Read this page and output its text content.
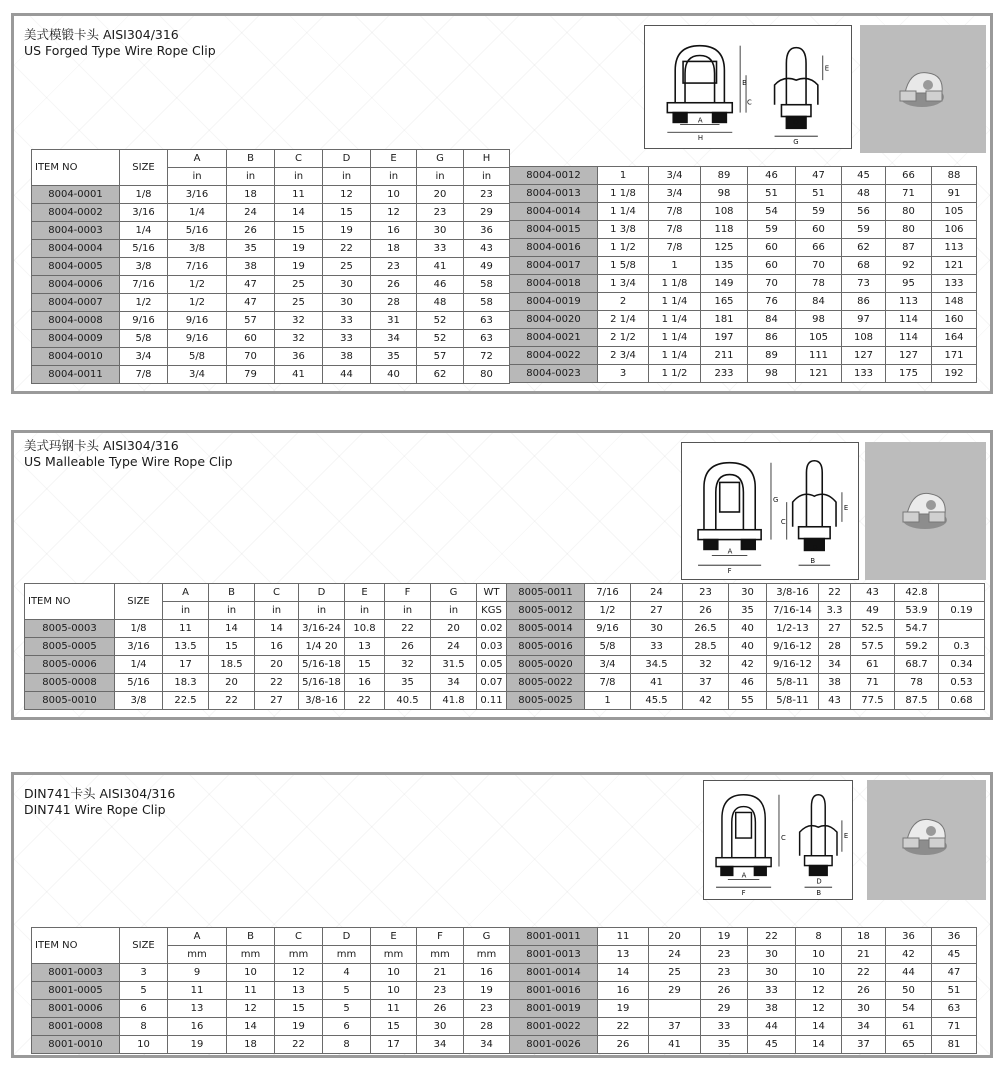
美式模锻卡头 AISI304/316
US Forged Type Wire Rope Clip
A
B
C
D
E
G
H
ITEM NO	SIZE	A	B	C	D	E	G	H
		in	in	in	in	in	in	in
8004-0001	1/8	3/16	18	11	12	10	20	23
8004-0002	3/16	1/4	24	14	15	12	23	29
8004-0003	1/4	5/16	26	15	19	16	30	36
8004-0004	5/16	3/8	35	19	22	18	33	43
8004-0005	3/8	7/16	38	19	25	23	41	49
8004-0006	7/16	1/2	47	25	30	26	46	58
8004-0007	1/2	1/2	47	25	30	28	48	58
8004-0008	9/16	9/16	57	32	33	31	52	63
8004-0009	5/8	9/16	60	32	33	34	52	63
8004-0010	3/4	5/8	70	36	38	35	57	72
8004-0011	7/8	3/4	79	41	44	40	62	80
8004-0012	1	3/4	89	46	47	45	66	88
8004-0013	1 1/8	3/4	98	51	51	48	71	91
8004-0014	1 1/4	7/8	108	54	59	56	80	105
8004-0015	1 3/8	7/8	118	59	60	59	80	106
8004-0016	1 1/2	7/8	125	60	66	62	87	113
8004-0017	1 5/8	1	135	60	70	68	92	121
8004-0018	1 3/4	1 1/8	149	70	78	73	95	133
8004-0019	2	1 1/4	165	76	84	86	113	148
8004-0020	2 1/4	1 1/4	181	84	98	97	114	160
8004-0021	2 1/2	1 1/4	197	86	105	108	114	164
8004-0022	2 3/4	1 1/4	211	89	111	127	127	171
8004-0023	3	1 1/2	233	98	121	133	175	192
美式玛钢卡头 AISI304/316
US Malleable Type Wire Rope Clip
A
B
C
D
E
F
G
ITEM NO	SIZE	A	B	C	D	E	F	G	WT
		in	in	in	in	in	in	in	KGS
8005-0003	1/8	11	14	14	3/16-24	10.8	22	20	0.02
8005-0005	3/16	13.5	15	16	1/4 20	13	26	24	0.03
8005-0006	1/4	17	18.5	20	5/16-18	15	32	31.5	0.05
8005-0008	5/16	18.3	20	22	5/16-18	16	35	34	0.07
8005-0010	3/8	22.5	22	27	3/8-16	22	40.5	41.8	0.11
8005-0011	7/16	24	23	30	3/8-16	22	43	42.8	
8005-0012	1/2	27	26	35	7/16-14	3.3	49	53.9	0.19
8005-0014	9/16	30	26.5	40	1/2-13	27	52.5	54.7	
8005-0016	5/8	33	28.5	40	9/16-12	28	57.5	59.2	0.3
8005-0020	3/4	34.5	32	42	9/16-12	34	61	68.7	0.34
8005-0022	7/8	41	37	46	5/8-11	38	71	78	0.53
8005-0025	1	45.5	42	55	5/8-11	43	77.5	87.5	0.68
DIN741卡头 AISI304/316
DIN741 Wire Rope Clip
A
B
C
D
E
F
ITEM NO	SIZE	A	B	C	D	E	F	G
		mm	mm	mm	mm	mm	mm	mm
8001-0003	3	9	10	12	4	10	21	16
8001-0005	5	11	11	13	5	10	23	19
8001-0006	6	13	12	15	5	11	26	23
8001-0008	8	16	14	19	6	15	30	28
8001-0010	10	19	18	22	8	17	34	34
8001-0011	11	20	19	22	8	18	36	36
8001-0013	13	24	23	30	10	21	42	45
8001-0014	14	25	23	30	10	22	44	47
8001-0016	16	29	26	33	12	26	50	51
8001-0019	19		29	38	12	30	54	63
8001-0022	22	37	33	44	14	34	61	71
8001-0026	26	41	35	45	14	37	65	81
